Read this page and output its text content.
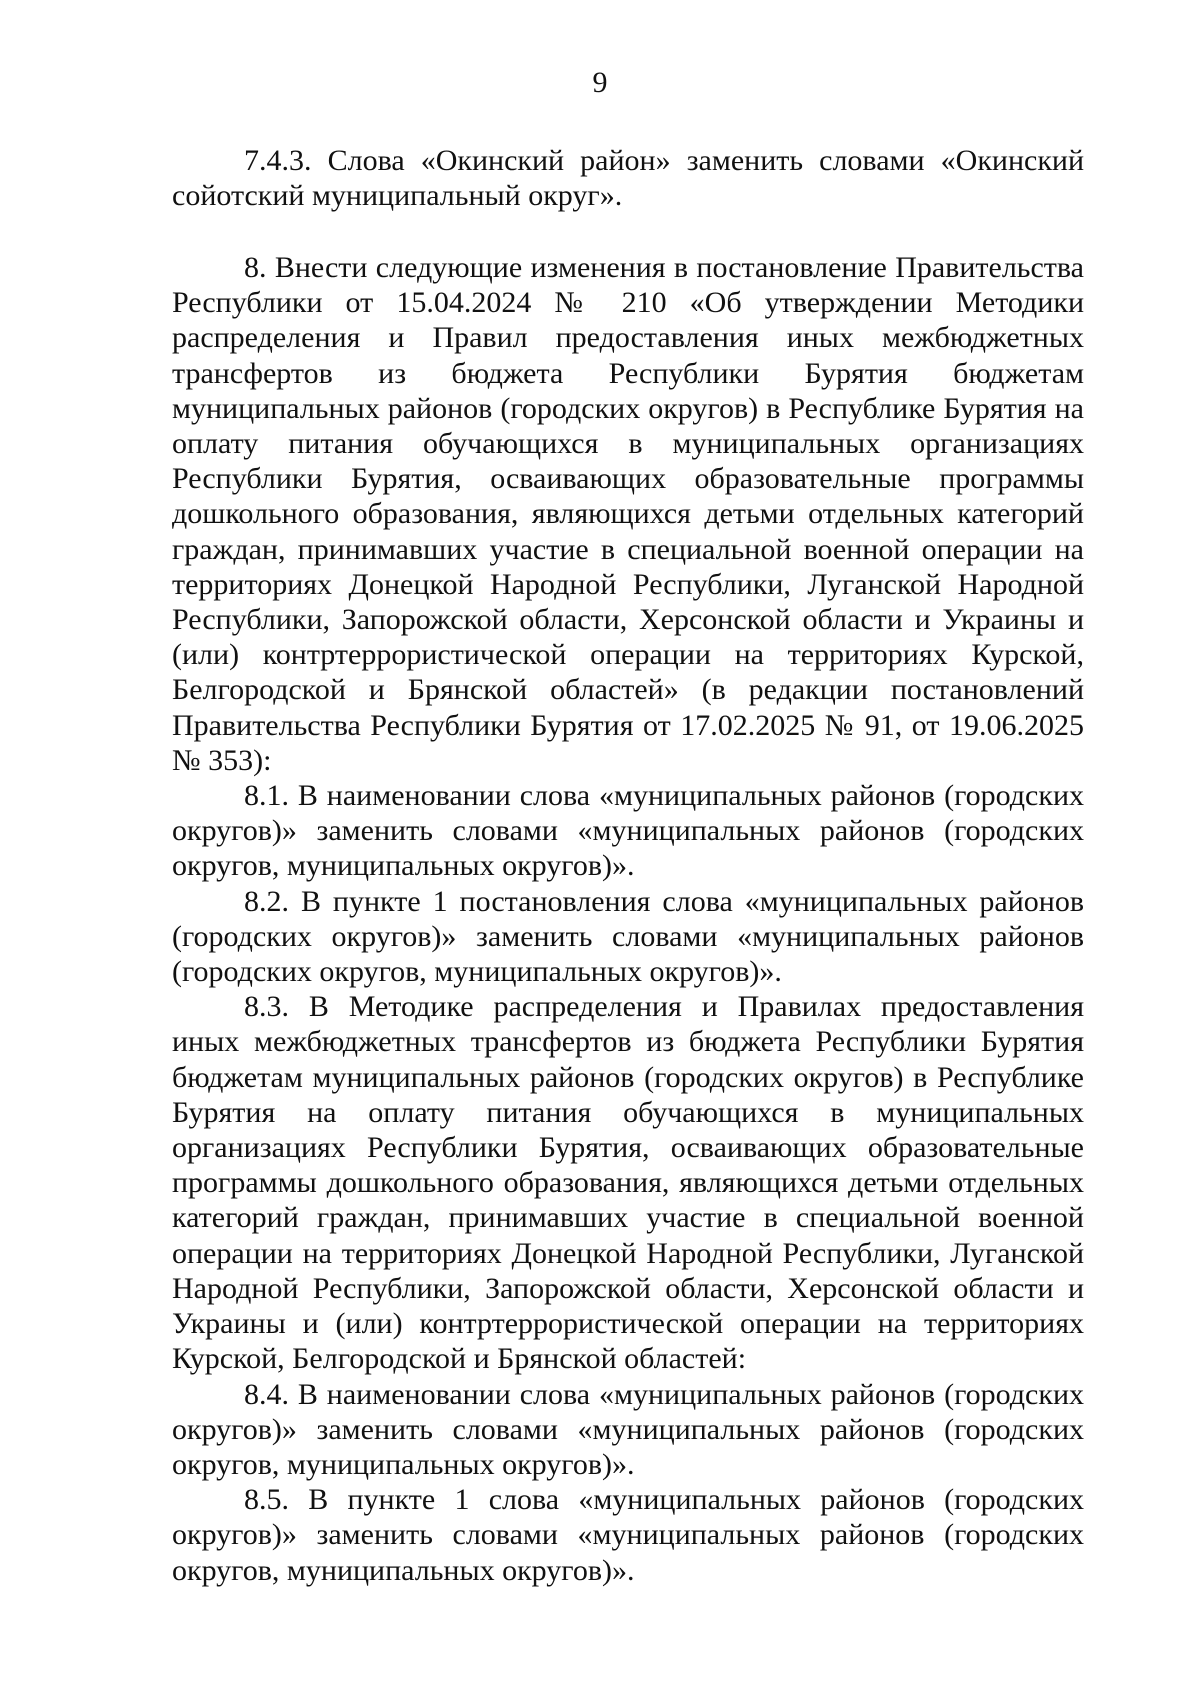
9

7.4.3. Слова «Окинский район» заменить словами «Окинский сойотский муниципальный округ».

8. Внести следующие изменения в постановление Правительства Республики от 15.04.2024 № 210 «Об утверждении Методики распределения и Правил предоставления иных межбюджетных трансфертов из бюджета Республики Бурятия бюджетам муниципальных районов (городских округов) в Республике Бурятия на оплату питания обучающихся в муниципальных организациях Республики Бурятия, осваивающих образовательные программы дошкольного образования, являющихся детьми отдельных категорий граждан, принимавших участие в специальной военной операции на территориях Донецкой Народной Республики, Луганской Народной Республики, Запорожской области, Херсонской области и Украины и (или) контртеррористической операции на территориях Курской, Белгородской и Брянской областей» (в редакции постановлений Правительства Республики Бурятия от 17.02.2025 № 91, от 19.06.2025 № 353):

8.1. В наименовании слова «муниципальных районов (городских округов)» заменить словами «муниципальных районов (городских округов, муниципальных округов)».

8.2. В пункте 1 постановления слова «муниципальных районов (городских округов)» заменить словами «муниципальных районов (городских округов, муниципальных округов)».

8.3. В Методике распределения и Правилах предоставления иных межбюджетных трансфертов из бюджета Республики Бурятия бюджетам муниципальных районов (городских округов) в Республике Бурятия на оплату питания обучающихся в муниципальных организациях Республики Бурятия, осваивающих образовательные программы дошкольного образования, являющихся детьми отдельных категорий граждан, принимавших участие в специальной военной операции на территориях Донецкой Народной Республики, Луганской Народной Республики, Запорожской области, Херсонской области и Украины и (или) контртеррористической операции на территориях Курской, Белгородской и Брянской областей:

8.4. В наименовании слова «муниципальных районов (городских округов)» заменить словами «муниципальных районов (городских округов, муниципальных округов)».

8.5. В пункте 1 слова «муниципальных районов (городских округов)» заменить словами «муниципальных районов (городских округов, муниципальных округов)».
